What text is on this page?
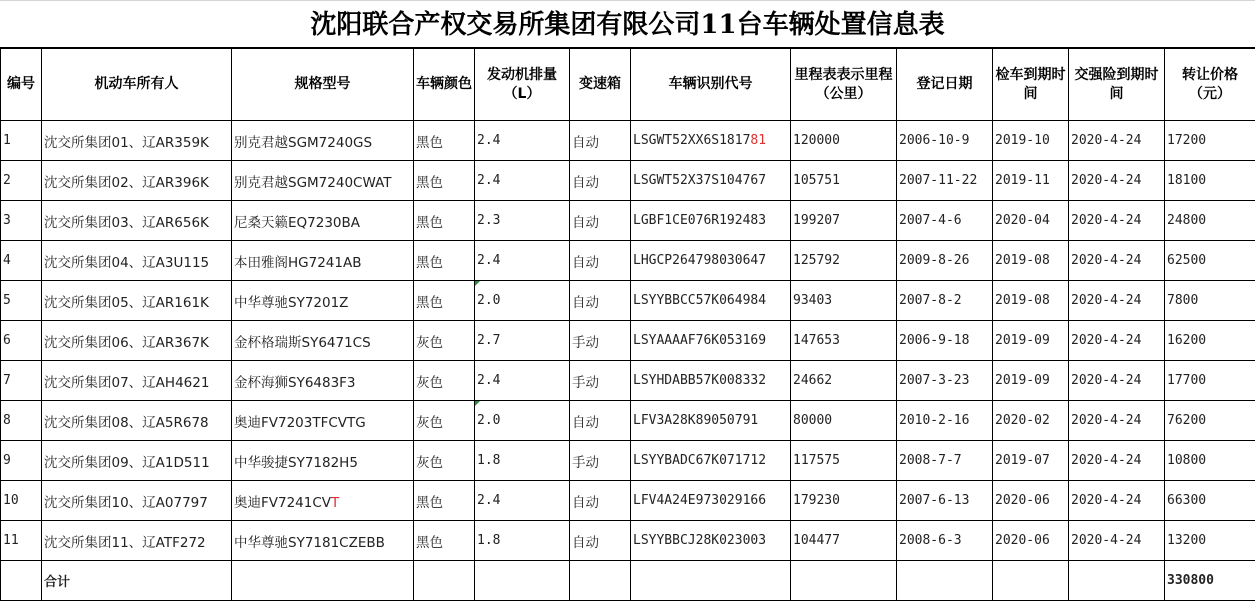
沈阳联合产权交易所集团有限公司11台车辆处置信息表
编号	机动车所有人	规格型号	车辆颜色	发动机排量（L）	变速箱	车辆识别代号	里程表表示里程（公里）	登记日期	检车到期时间	交强险到期时间	转让价格（元）
1	沈交所集团01、辽AR359K	别克君越SGM7240GS	黑色	2.4	自动	LSGWT52XX6S181781	120000	2006-10-9	2019-10	2020-4-24	17200
2	沈交所集团02、辽AR396K	别克君越SGM7240CWAT	黑色	2.4	自动	LSGWT52X37S104767	105751	2007-11-22	2019-11	2020-4-24	18100
3	沈交所集团03、辽AR656K	尼桑天籁EQ7230BA	黑色	2.3	自动	LGBF1CE076R192483	199207	2007-4-6	2020-04	2020-4-24	24800
4	沈交所集团04、辽A3U115	本田雅阁HG7241AB	黑色	2.4	自动	LHGCP264798030647	125792	2009-8-26	2019-08	2020-4-24	62500
5	沈交所集团05、辽AR161K	中华尊驰SY7201Z	黑色	2.0	自动	LSYYBBCC57K064984	93403	2007-8-2	2019-08	2020-4-24	7800
6	沈交所集团06、辽AR367K	金杯格瑞斯SY6471CS	灰色	2.7	手动	LSYAAAAF76K053169	147653	2006-9-18	2019-09	2020-4-24	16200
7	沈交所集团07、辽AH4621	金杯海狮SY6483F3	灰色	2.4	手动	LSYHDABB57K008332	24662	2007-3-23	2019-09	2020-4-24	17700
8	沈交所集团08、辽A5R678	奥迪FV7203TFCVTG	灰色	2.0	自动	LFV3A28K89050791	80000	2010-2-16	2020-02	2020-4-24	76200
9	沈交所集团09、辽A1D511	中华骏捷SY7182H5	灰色	1.8	手动	LSYYBADC67K071712	117575	2008-7-7	2019-07	2020-4-24	10800
10	沈交所集团10、辽A07797	奥迪FV7241CVT	黑色	2.4	自动	LFV4A24E973029166	179230	2007-6-13	2020-06	2020-4-24	66300
11	沈交所集团11、辽ATF272	中华尊驰SY7181CZEBB	黑色	1.8	自动	LSYYBBCJ28K023003	104477	2008-6-3	2020-06	2020-4-24	13200
	合计										330800
